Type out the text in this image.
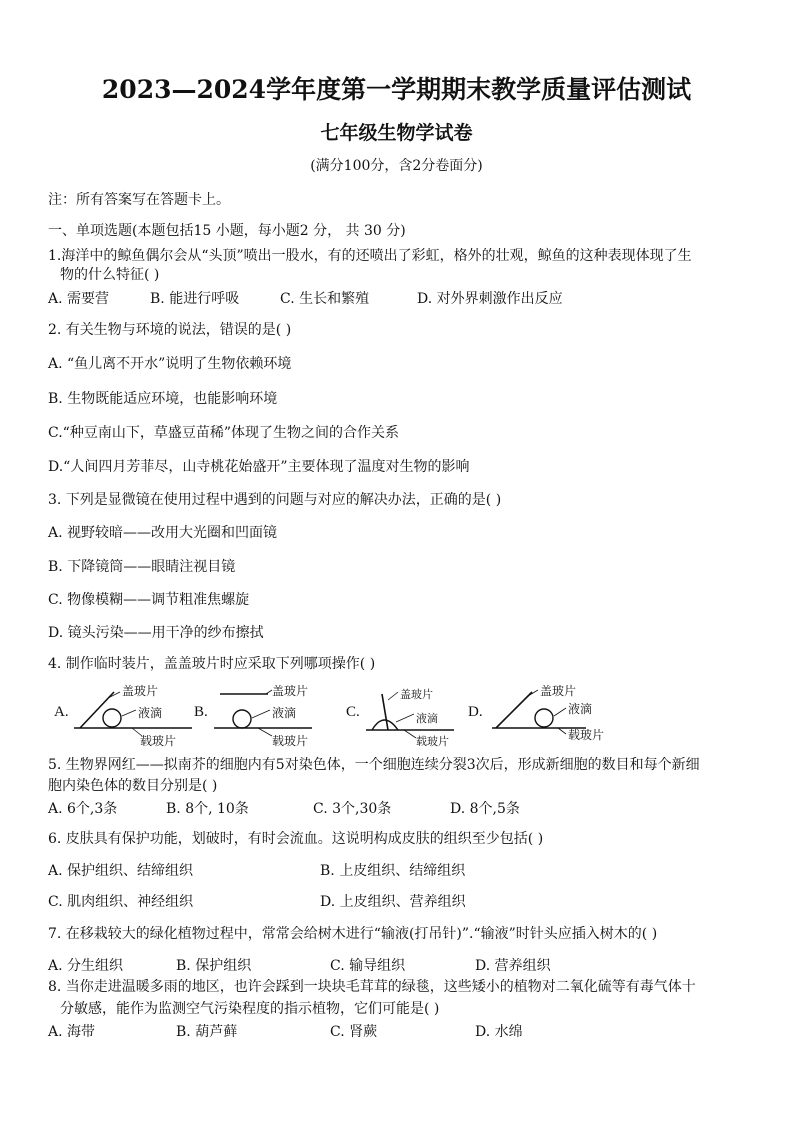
2023—2024学年度第一学期期末教学质量评估测试
七年级生物学试卷
(满分100分，含2分卷面分)
注：所有答案写在答题卡上。
一、单项选题(本题包括15 小题，每小题2 分， 共 30 分)
1.海洋中的鲸鱼偶尔会从“头顶”喷出一股水，有的还喷出了彩虹，格外的壮观，鲸鱼的这种表现体现了生
物的什么特征( )
A. 需要营	B. 能进行呼吸	C. 生长和繁殖	D. 对外界刺激作出反应
2. 有关生物与环境的说法，错误的是( )
A. “鱼儿离不开水”说明了生物依赖环境
B. 生物既能适应环境，也能影响环境
C.“种豆南山下，草盛豆苗稀”体现了生物之间的合作关系
D.“人间四月芳菲尽，山寺桃花始盛开”主要体现了温度对生物的影响
3. 下列是显微镜在使用过程中遇到的问题与对应的解决办法，正确的是( )
A. 视野较暗——改用大光圈和凹面镜
B. 下降镜筒——眼睛注视目镜
C. 物像模糊——调节粗准焦螺旋
D. 镜头污染——用干净的纱布擦拭
4. 制作临时装片，盖盖玻片时应采取下列哪项操作( )
A.
盖玻片
液滴
载玻片
B.
盖玻片
液滴
载玻片
C.
盖玻片
液滴
载玻片
D.
盖玻片
液滴
载玻片
5. 生物界网红——拟南芥的细胞内有5对染色体，一个细胞连续分裂3次后，形成新细胞的数目和每个新细
胞内染色体的数目分别是( )
A. 6个,3条	B. 8个, 10条	C. 3个,30条	D. 8个,5条
6. 皮肤具有保护功能，划破时，有时会流血。这说明构成皮肤的组织至少包括( )
A. 保护组织、结缔组织	B. 上皮组织、结缔组织
C. 肌肉组织、神经组织	D. 上皮组织、营养组织
7. 在移栽较大的绿化植物过程中，常常会给树木进行“输液(打吊针)”.“输液”时针头应插入树木的( )
A. 分生组织	B. 保护组织	C. 输导组织	D. 营养组织
8. 当你走进温暖多雨的地区，也许会踩到一块块毛茸茸的绿毯，这些矮小的植物对二氧化硫等有毒气体十
分敏感，能作为监测空气污染程度的指示植物，它们可能是( )
A. 海带	B. 葫芦藓	C. 肾蕨	D. 水绵
